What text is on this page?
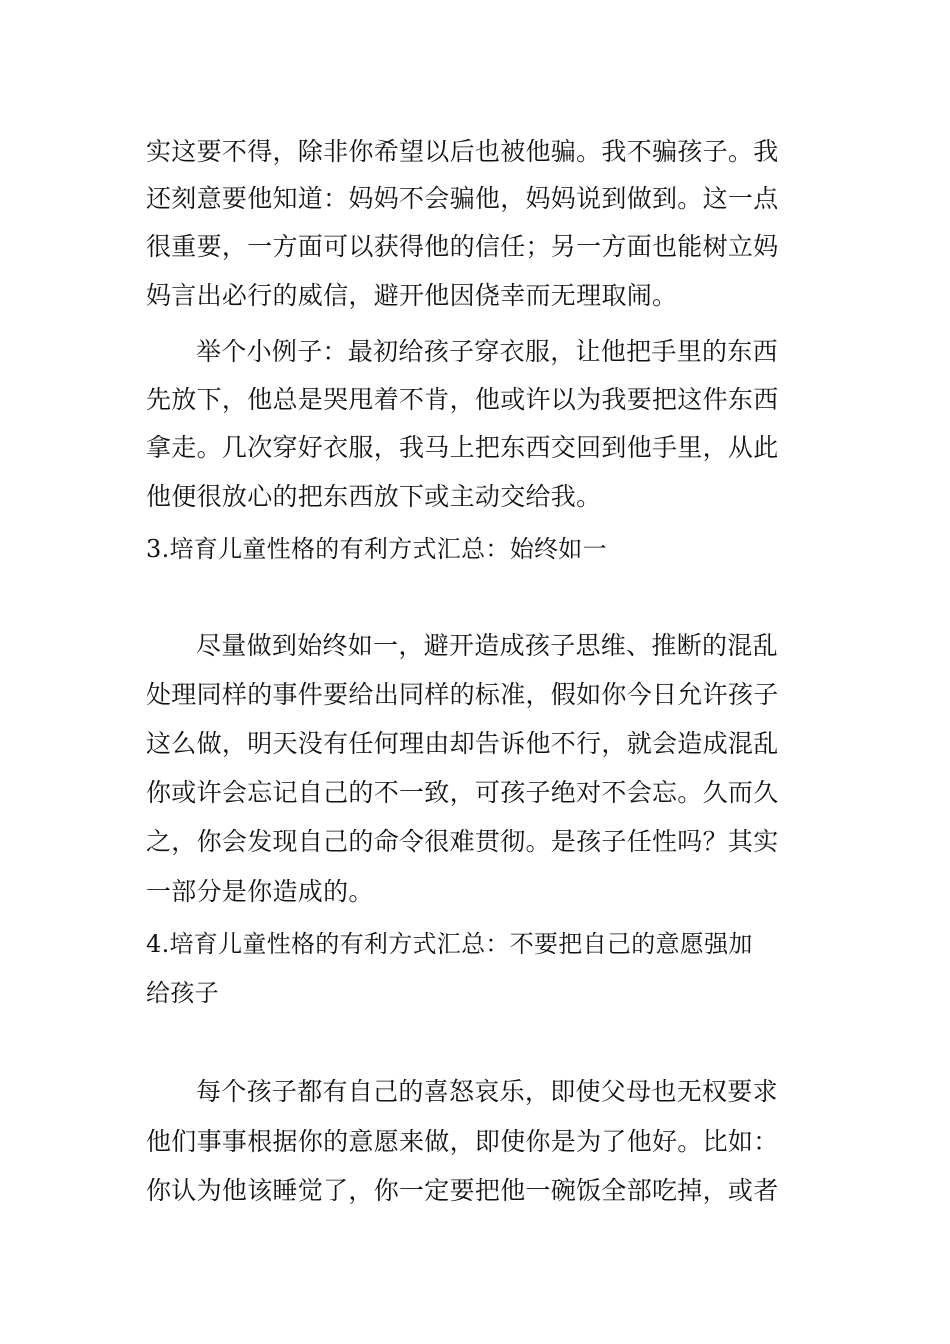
实这要不得，除非你希望以后也被他骗。我不骗孩子。我
还刻意要他知道：妈妈不会骗他，妈妈说到做到。这一点
很重要，一方面可以获得他的信任；另一方面也能树立妈
妈言出必行的威信，避开他因侥幸而无理取闹。
举个小例子：最初给孩子穿衣服，让他把手里的东西
先放下，他总是哭甩着不肯，他或许以为我要把这件东西
拿走。几次穿好衣服，我马上把东西交回到他手里，从此
他便很放心的把东西放下或主动交给我。
3.培育儿童性格的有利方式汇总：始终如一
尽量做到始终如一，避开造成孩子思维、推断的混乱
处理同样的事件要给出同样的标准，假如你今日允许孩子
这么做，明天没有任何理由却告诉他不行，就会造成混乱
你或许会忘记自己的不一致，可孩子绝对不会忘。久而久
之，你会发现自己的命令很难贯彻。是孩子任性吗？其实
一部分是你造成的。
4.培育儿童性格的有利方式汇总：不要把自己的意愿强加
给孩子
每个孩子都有自己的喜怒哀乐，即使父母也无权要求
他们事事根据你的意愿来做，即使你是为了他好。比如：
你认为他该睡觉了，你一定要把他一碗饭全部吃掉，或者
